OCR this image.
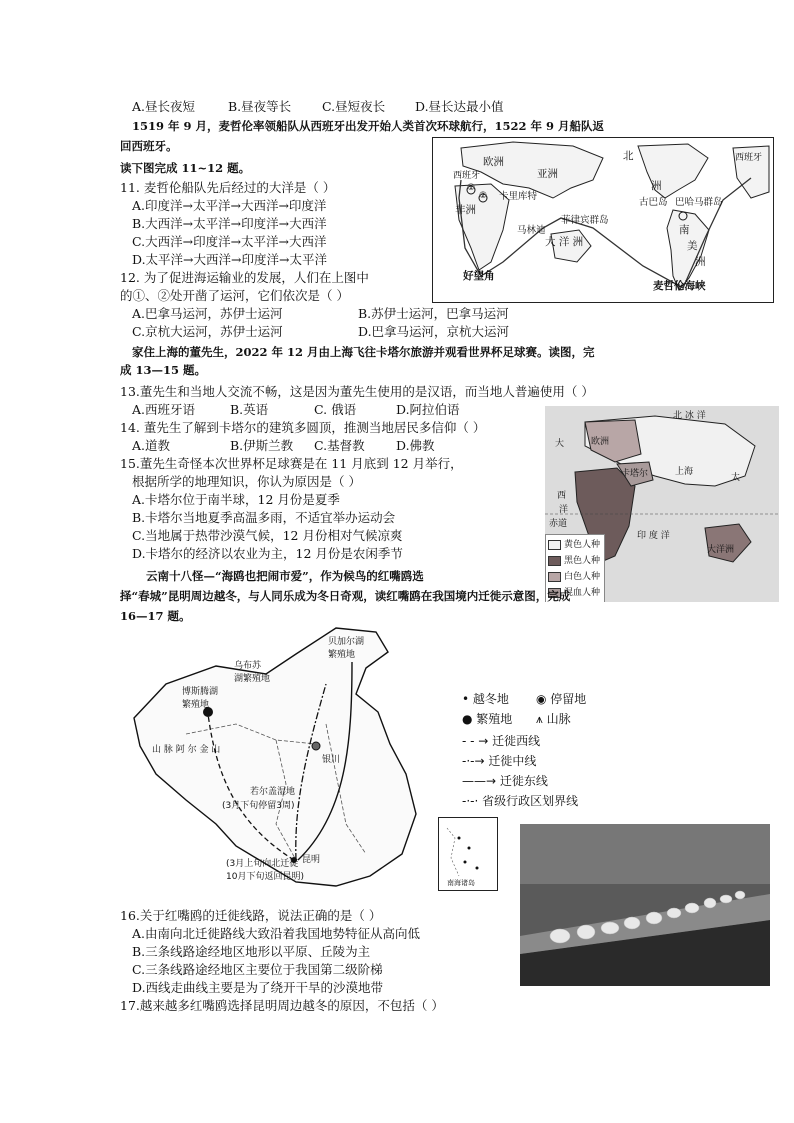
A.昼长夜短	B.昼夜等长 C.昼短夜长 D.昼长达最小值
1519 年 9 月，麦哲伦率领船队从西班牙出发开始人类首次环球航行，1522 年 9 月船队返
回西班牙。
读下图完成 11~12 题。
11. 麦哲伦船队先后经过的大洋是（ ）
A.印度洋→太平洋→大西洋→印度洋
B.大西洋→太平洋→印度洋→大西洋
C.大西洋→印度洋→太平洋→大西洋
D.太平洋→大西洋→印度洋→太平洋
12. 为了促进海运输业的发展，人们在上图中
的①、②处开凿了运河，它们依次是（ ）
A.巴拿马运河，苏伊士运河	B.苏伊士运河，巴拿马运河
C.京杭大运河，苏伊士运河	D.巴拿马运河，京杭大运河
欧洲
亚洲
西班牙
非洲
卡里库特
菲律宾群岛
马林迪
大 洋 洲
北
洲
古巴岛 巴哈马群岛
南
美
洲
好望角
麦哲伦海峡
西班牙
①
②
家住上海的董先生，2022 年 12 月由上海飞往卡塔尔旅游并观看世界杯足球赛。读图，完
成 13—15 题。
13.董先生和当地人交流不畅，这是因为董先生使用的是汉语，而当地人普遍使用（ ）
A.西班牙语	B.英语	C. 俄语	D.阿拉伯语
14. 董先生了解到卡塔尔的建筑多圆顶，推测当地居民多信仰（ ）
A.道教	B.伊斯兰教 C.基督教	D.佛教
15.董先生奇怪本次世界杯足球赛是在 11 月底到 12 月举行，
根据所学的地理知识，你认为原因是（ ）
A.卡塔尔位于南半球，12 月份是夏季
B.卡塔尔当地夏季高温多雨，不适宜举办运动会
C.当地属于热带沙漠气候，12 月份相对气候凉爽
D.卡塔尔的经济以农业为主，12 月份是农闲季节
北 冰 洋
欧洲
大
西
洋
卡塔尔	上海
太
赤道
印 度 洋
大洋洲
黄色人种
黑色人种
白色人种
混血人种
云南十八怪—“海鸥也把闹市爱”，作为候鸟的红嘴鸥选
择“春城”昆明周边越冬，与人同乐成为冬日奇观，读红嘴鸥在我国境内迁徙示意图，完成
16—17 题。
乌布苏
湖繁殖地
贝加尔湖
繁殖地
博斯腾湖
繁殖地
山 脉 阿 尔 金 山
银川
若尔盖湿地
(3月下旬停留3周)
(3月上旬向北迁徙
10月下旬返回昆明)
昆明
南海诸岛
• 越冬地 ◉ 停留地
● 繁殖地 ⩚ 山脉
- - → 迁徙西线
-·-→ 迁徙中线
——→ 迁徙东线
-·-· 省级行政区划界线
16.关于红嘴鸥的迁徙线路，说法正确的是（ ）
A.由南向北迁徙路线大致沿着我国地势特征从高向低
B.三条线路途经地区地形以平原、丘陵为主
C.三条线路途经地区主要位于我国第二级阶梯
D.西线走曲线主要是为了绕开干旱的沙漠地带
17.越来越多红嘴鸥选择昆明周边越冬的原因，不包括（ ）
